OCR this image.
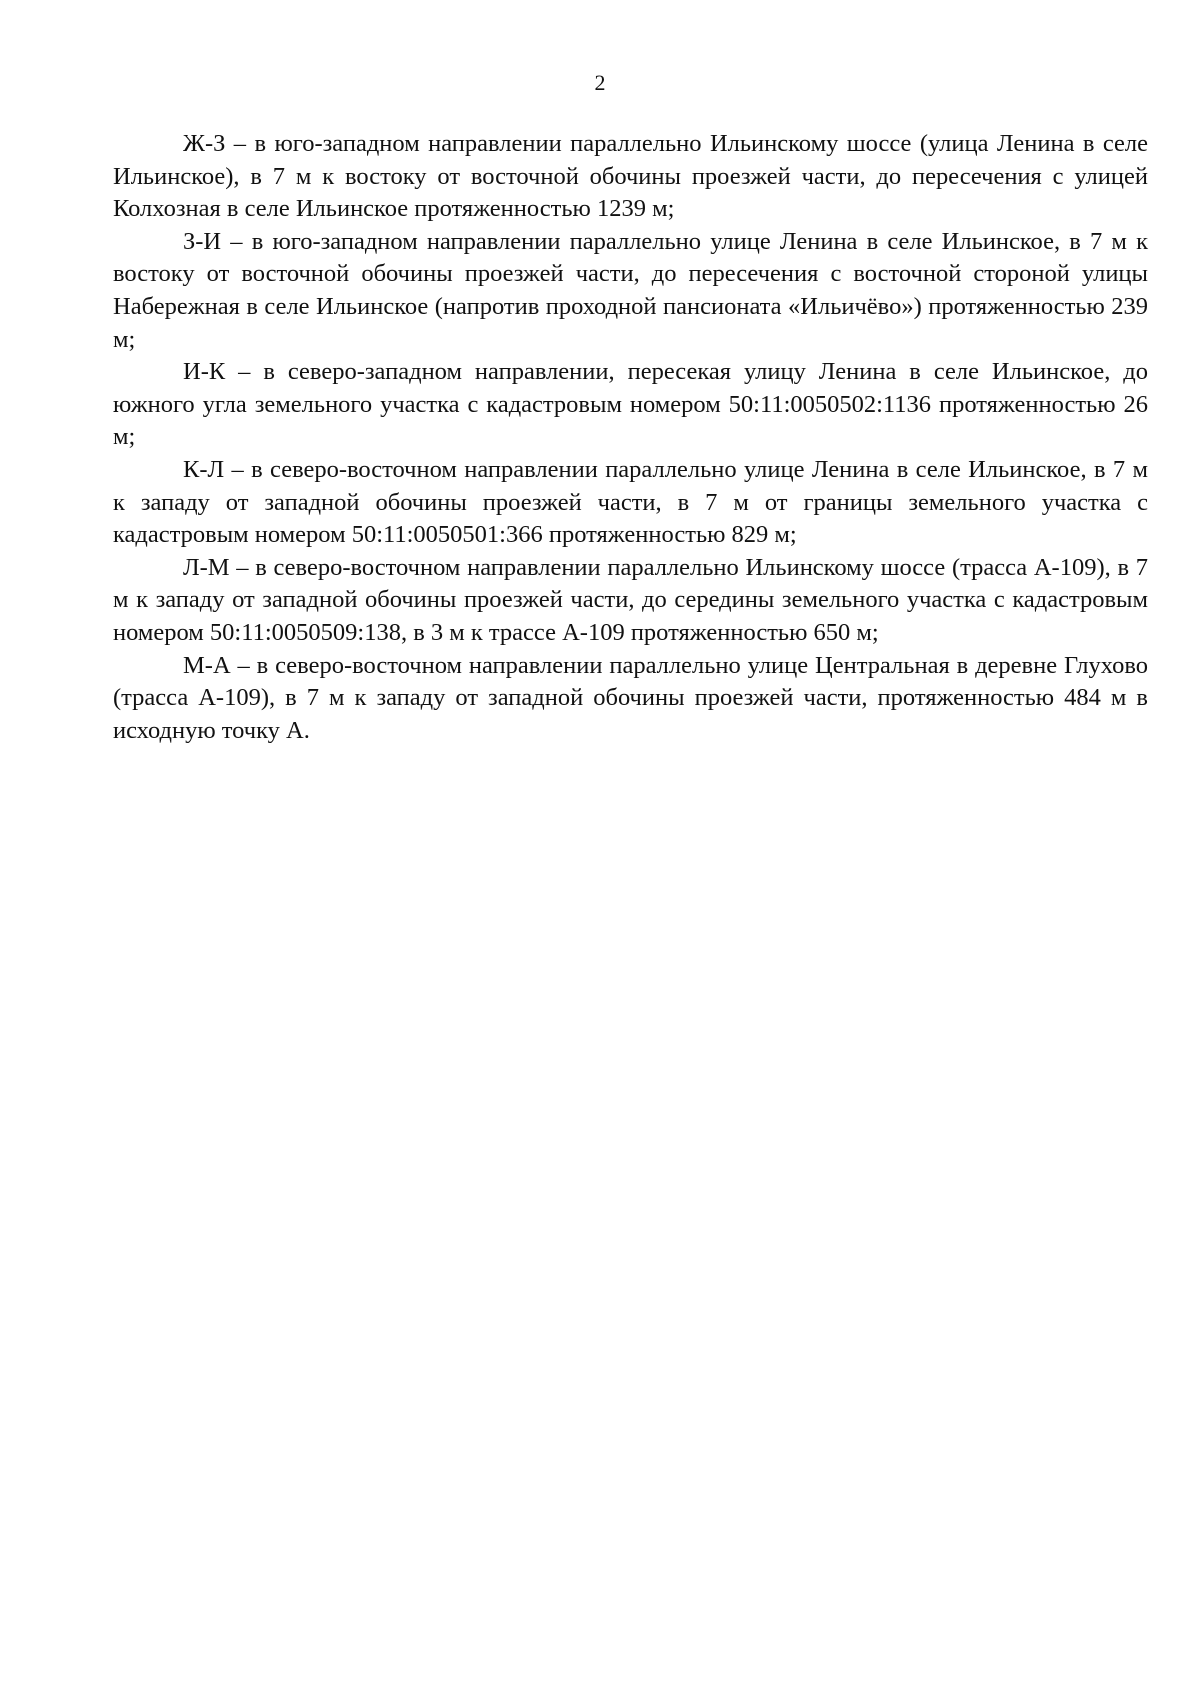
2

Ж-З – в юго-западном направлении параллельно Ильинскому шоссе (улица Ленина в селе Ильинское), в 7 м к востоку от восточной обочины проезжей части, до пересечения с улицей Колхозная в селе Ильинское протяженностью 1239 м;

З-И – в юго-западном направлении параллельно улице Ленина в селе Ильинское, в 7 м к востоку от восточной обочины проезжей части, до пересечения с восточной стороной улицы Набережная в селе Ильинское (напротив проходной пансионата «Ильичёво») протяженностью 239 м;

И-К – в северо-западном направлении, пересекая улицу Ленина в селе Ильинское, до южного угла земельного участка с кадастровым номером 50:11:0050502:1136 протяженностью 26 м;

К-Л – в северо-восточном направлении параллельно улице Ленина в селе Ильинское, в 7 м к западу от западной обочины проезжей части, в 7 м от границы земельного участка с кадастровым номером 50:11:0050501:366 протяженностью 829 м;

Л-М – в северо-восточном направлении параллельно Ильинскому шоссе (трасса А-109), в 7 м к западу от западной обочины проезжей части, до середины земельного участка с кадастровым номером 50:11:0050509:138, в 3 м к трассе А-109 протяженностью 650 м;

М-А – в северо-восточном направлении параллельно улице Центральная в деревне Глухово (трасса А-109), в 7 м к западу от западной обочины проезжей части, протяженностью 484 м в исходную точку А.
